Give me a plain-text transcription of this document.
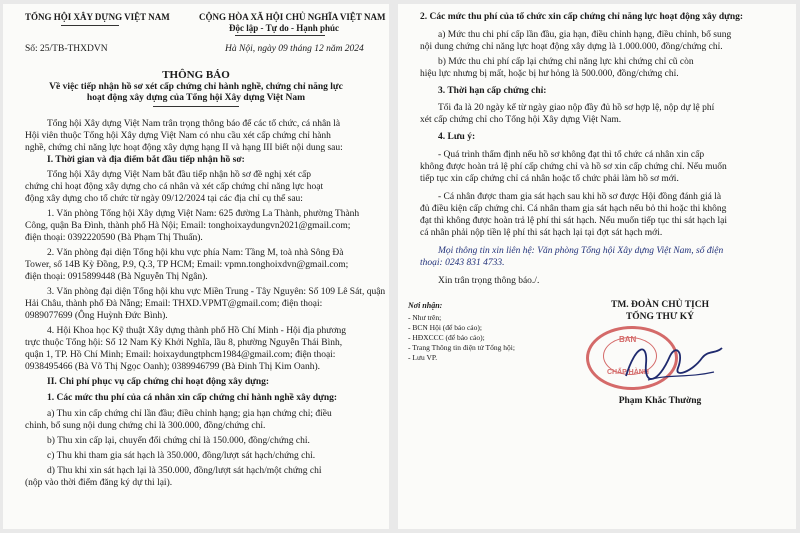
TỔNG HỘI XÂY DỰNG VIỆT NAM	CỘNG HÒA XÃ HỘI CHỦ NGHĨA VIỆT NAM
Độc lập - Tự do - Hạnh phúc
Số: 25/TB-THXDVN	Hà Nội, ngày 09 tháng 12 năm 2024
THÔNG BÁO
Về việc tiếp nhận hồ sơ xét cấp chứng chỉ hành nghề, chứng chỉ năng lực
hoạt động xây dựng của Tổng hội Xây dựng Việt Nam
Tổng hội Xây dựng Việt Nam trân trọng thông báo để các tổ chức, cá nhân là
Hội viên thuộc Tổng hội Xây dựng Việt Nam có nhu cầu xét cấp chứng chỉ hành
nghề, chứng chỉ năng lực hoạt động xây dựng hạng II và hạng III biết nội dung sau:
I. Thời gian và địa điểm bắt đầu tiếp nhận hồ sơ:
Tổng hội Xây dựng Việt Nam bắt đầu tiếp nhận hồ sơ đề nghị xét cấp
chứng chỉ hoạt động xây dựng cho cá nhân và xét cấp chứng chỉ năng lực hoạt
động xây dựng cho tổ chức từ ngày 09/12/2024 tại các địa chỉ cụ thể sau:
1. Văn phòng Tổng hội Xây dựng Việt Nam: 625 đường La Thành, phường Thành
Công, quận Ba Đình, thành phố Hà Nội; Email: tonghoixaydungvn2021@gmail.com;
điện thoại: 0392220590 (Bà Phạm Thị Thuấn).
2. Văn phòng đại diện Tổng hội khu vực phía Nam: Tầng M, toà nhà Sông Đà
Tower, số 14B Kỳ Đồng, P.9, Q.3, TP HCM; Email: vpmn.tonghoixdvn@gmail.com;
điện thoại: 0915899448 (Bà Nguyễn Thị Ngân).
3. Văn phòng đại diện Tổng hội khu vực Miền Trung - Tây Nguyên: Số 109 Lê Sát, quận
Hải Châu, thành phố Đà Nẵng; Email: THXD.VPMT@gmail.com; điện thoại:
0989077699 (Ông Huỳnh Đức Bình).
4. Hội Khoa học Kỹ thuật Xây dựng thành phố Hồ Chí Minh - Hội địa phương
trực thuộc Tổng hội: Số 12 Nam Kỳ Khởi Nghĩa, lầu 8, phường Nguyễn Thái Bình,
quận 1, TP. Hồ Chí Minh; Email: hoixaydungtphcm1984@gmail.com; điện thoại:
0938495466 (Bà Võ Thị Ngọc Oanh); 0389946799 (Bà Đinh Thị Kim Oanh).
II. Chi phí phục vụ cấp chứng chỉ hoạt động xây dựng:
1. Các mức thu phí của cá nhân xin cấp chứng chỉ hành nghề xây dựng:
a) Thu xin cấp chứng chỉ lần đầu; điều chỉnh hạng; gia hạn chứng chỉ; điều
chỉnh, bổ sung nội dung chứng chỉ là 300.000, đồng/chứng chỉ.
b) Thu xin cấp lại, chuyển đổi chứng chỉ là 150.000, đồng/chứng chỉ.
c) Thu khi tham gia sát hạch là 350.000, đồng/lượt sát hạch/chứng chỉ.
d) Thu khi xin sát hạch lại là 350.000, đồng/lượt sát hạch/một chứng chỉ
(nộp vào thời điểm đăng ký dự thi lại).
2. Các mức thu phí của tổ chức xin cấp chứng chỉ năng lực hoạt động xây dựng:
a) Mức thu chi phí cấp lần đầu, gia hạn, điều chỉnh hạng, điều chỉnh, bổ sung
nội dung chứng chỉ năng lực hoạt động xây dựng là 1.000.000, đồng/chứng chỉ.
b) Mức thu chi phí cấp lại chứng chỉ năng lực khi chứng chỉ cũ còn
hiệu lực nhưng bị mất, hoặc bị hư hỏng là 500.000, đồng/chứng chỉ.
3. Thời hạn cấp chứng chỉ:
Tối đa là 20 ngày kể từ ngày giao nộp đầy đủ hồ sơ hợp lệ, nộp dự lệ phí
xét cấp chứng chỉ cho Tổng hội Xây dựng Việt Nam.
4. Lưu ý:
- Quá trình thẩm định nếu hồ sơ không đạt thì tổ chức cá nhân xin cấp
không được hoàn trả lệ phí cấp chứng chỉ và hồ sơ xin cấp chứng chỉ. Nếu muốn
tiếp tục xin cấp chứng chỉ cá nhân hoặc tổ chức phải làm hồ sơ mới.
- Cá nhân được tham gia sát hạch sau khi hồ sơ được Hội đồng đánh giá là
đủ điều kiện cấp chứng chỉ. Cá nhân tham gia sát hạch nếu bỏ thi hoặc thi không
đạt thì không được hoàn trả lệ phí thi sát hạch. Nếu muốn tiếp tục thi sát hạch lại
cá nhân phải nộp tiền lệ phí thi sát hạch lại tại đợt sát hạch mới.
Mọi thông tin xin liên hệ: Văn phòng Tổng hội Xây dựng Việt Nam, số điện
thoại: 0243 831 4733.
Xin trân trọng thông báo./.
Nơi nhận:
- Như trên;
- BCN Hội (để báo cáo);
- HĐXCCC (để báo cáo);
- Trang Thông tin điện tử Tổng hội;
- Lưu VP.
TM. ĐOÀN CHỦ TỊCH
TỔNG THƯ KÝ
BAN
CHẤP HÀNH
Phạm Khắc Thường
